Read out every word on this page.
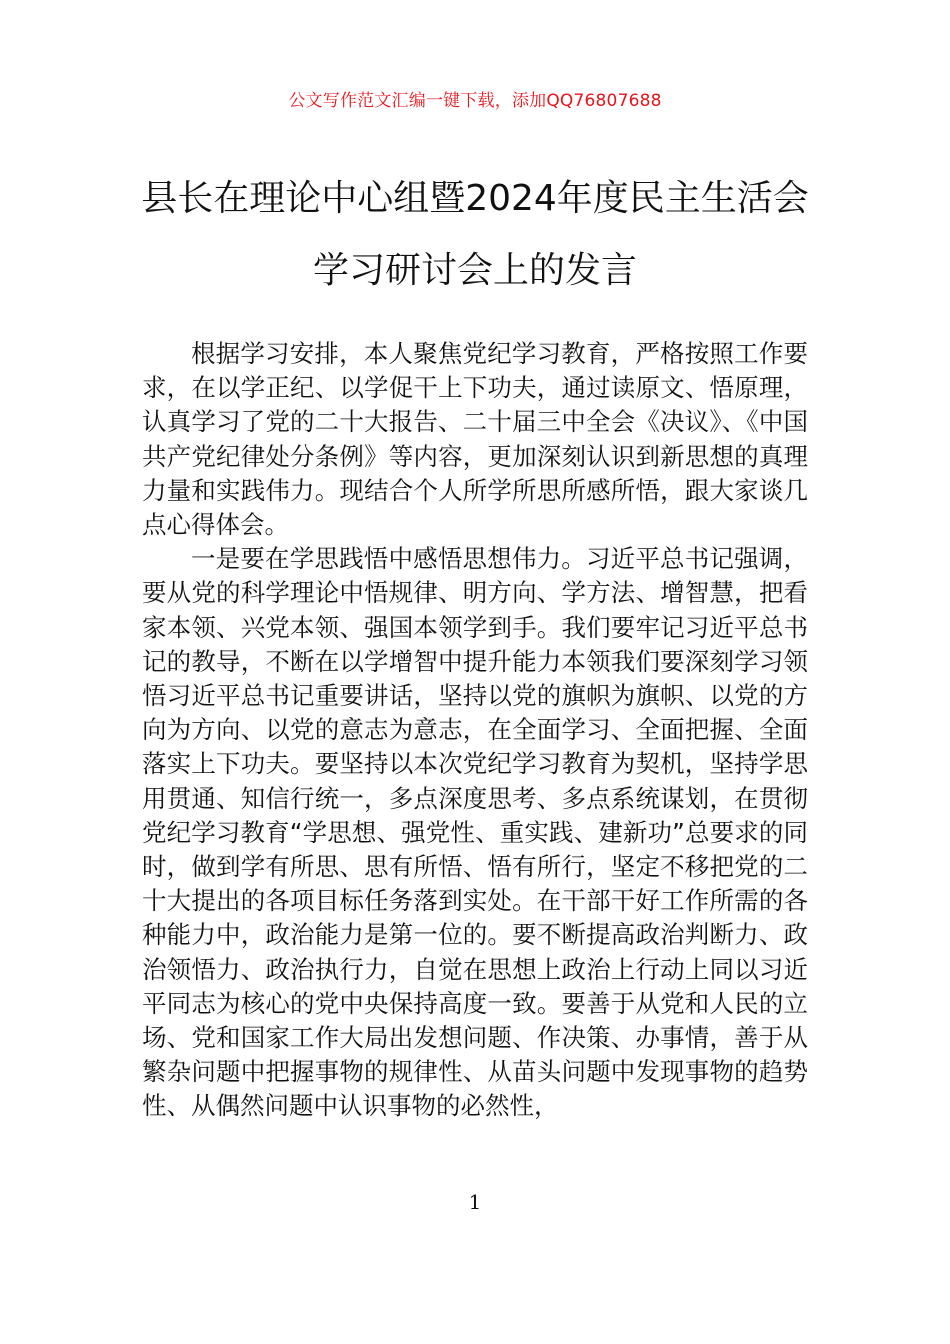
公文写作范文汇编一键下载，添加QQ76807688
县长在理论中心组暨2024年度民主生活会
学习研讨会上的发言

根据学习安排，本人聚焦党纪学习教育，严格按照工作要求，在以学正纪、以学促干上下功夫，通过读原文、悟原理，认真学习了党的二十大报告、二十届三中全会《决议》、《中国共产党纪律处分条例》等内容，更加深刻认识到新思想的真理力量和实践伟力。现结合个人所学所思所感所悟，跟大家谈几点心得体会。

一是要在学思践悟中感悟思想伟力。习近平总书记强调，要从党的科学理论中悟规律、明方向、学方法、增智慧，把看家本领、兴党本领、强国本领学到手。我们要牢记习近平总书记的教导，不断在以学增智中提升能力本领我们要深刻学习领悟习近平总书记重要讲话，坚持以党的旗帜为旗帜、以党的方向为方向、以党的意志为意志，在全面学习、全面把握、全面落实上下功夫。要坚持以本次党纪学习教育为契机，坚持学思用贯通、知信行统一，多点深度思考、多点系统谋划，在贯彻党纪学习教育“学思想、强党性、重实践、建新功”总要求的同时，做到学有所思、思有所悟、悟有所行，坚定不移把党的二十大提出的各项目标任务落到实处。在干部干好工作所需的各种能力中，政治能力是第一位的。要不断提高政治判断力、政治领悟力、政治执行力，自觉在思想上政治上行动上同以习近平同志为核心的党中央保持高度一致。要善于从党和人民的立场、党和国家工作大局出发想问题、作决策、办事情，善于从繁杂问题中把握事物的规律性、从苗头问题中发现事物的趋势性、从偶然问题中认识事物的必然性，

1
